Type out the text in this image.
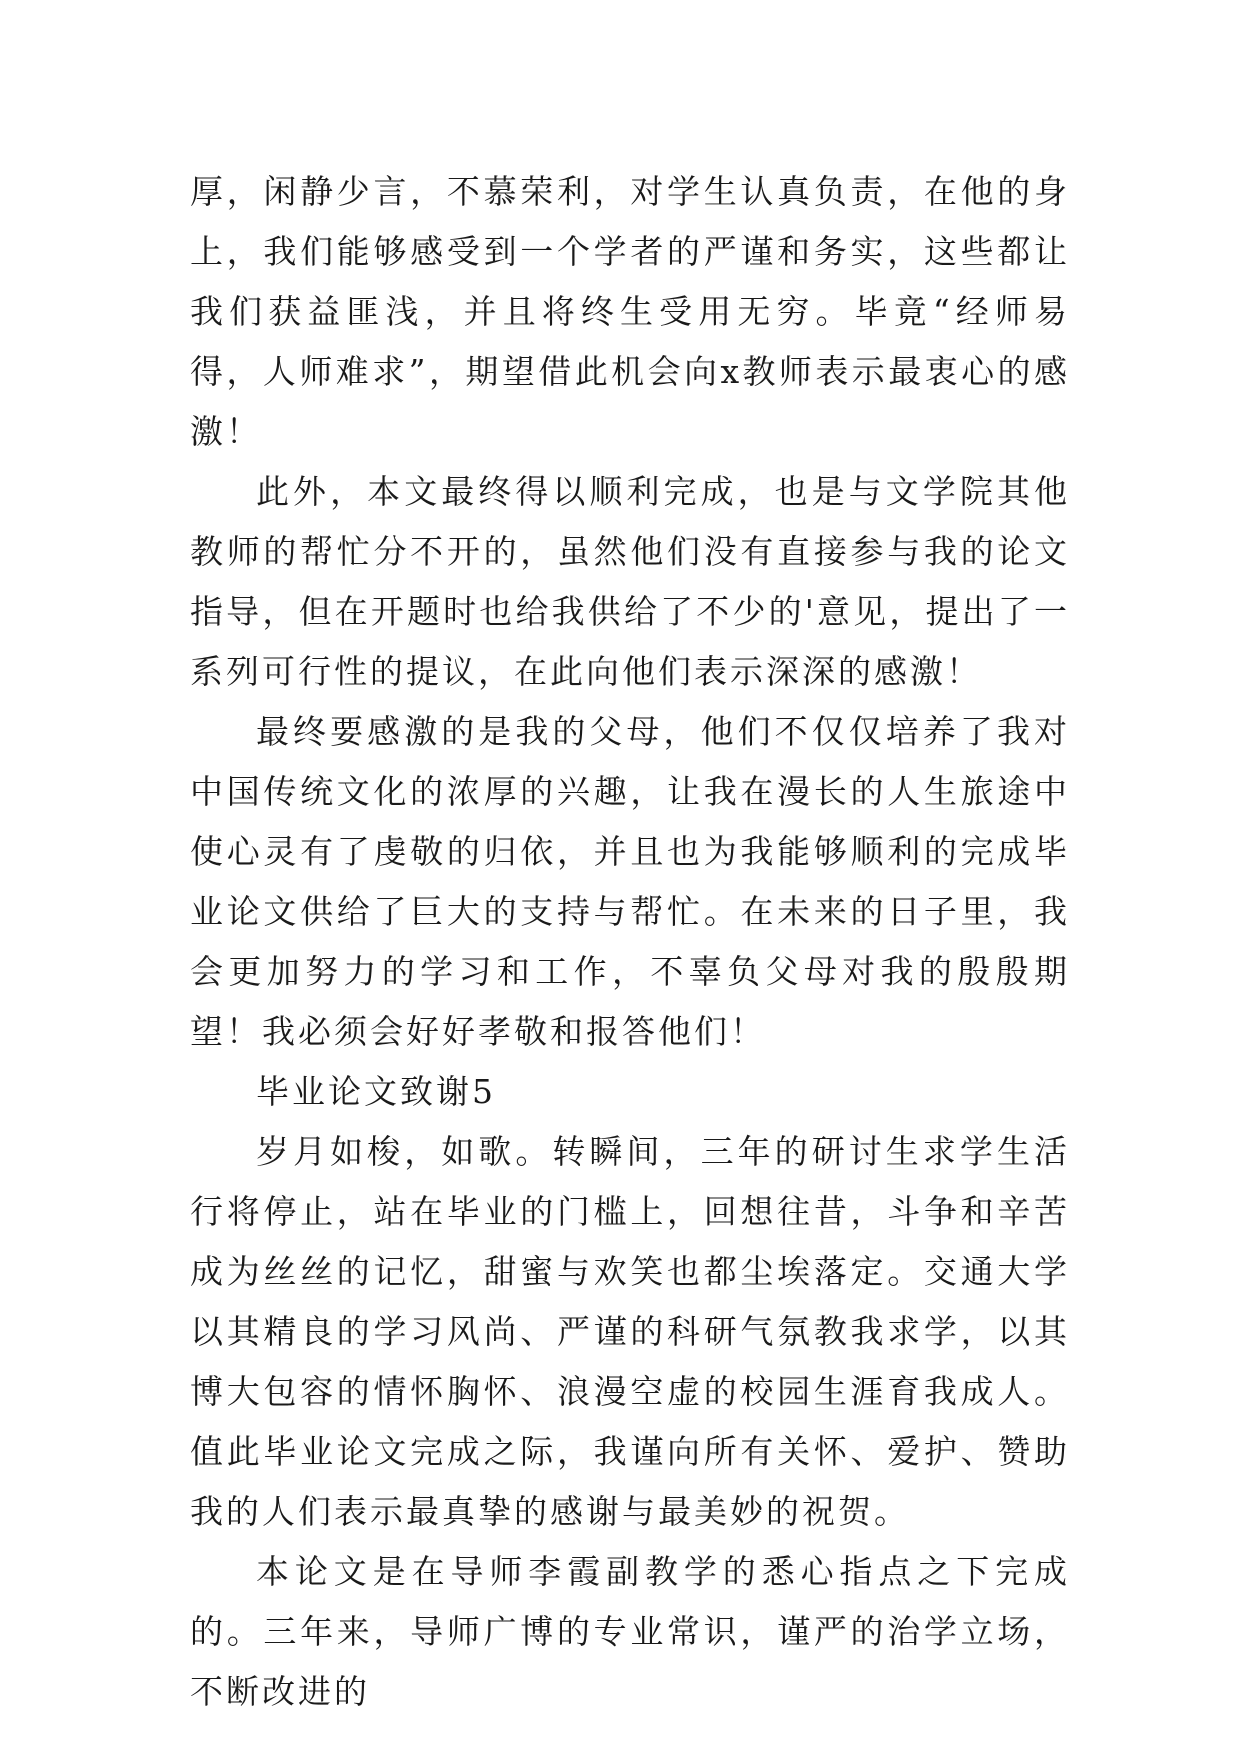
厚，闲静少言，不慕荣利，对学生认真负责，在他的身上，我们能够感受到一个学者的严谨和务实，这些都让我们获益匪浅，并且将终生受用无穷。毕竟“经师易得，人师难求”，期望借此机会向x教师表示最衷心的感激！

此外，本文最终得以顺利完成，也是与文学院其他教师的帮忙分不开的，虽然他们没有直接参与我的论文指导，但在开题时也给我供给了不少的'意见，提出了一系列可行性的提议，在此向他们表示深深的感激！

最终要感激的是我的父母，他们不仅仅培养了我对中国传统文化的浓厚的兴趣，让我在漫长的人生旅途中使心灵有了虔敬的归依，并且也为我能够顺利的完成毕业论文供给了巨大的支持与帮忙。在未来的日子里，我会更加努力的学习和工作，不辜负父母对我的殷殷期望！我必须会好好孝敬和报答他们！

毕业论文致谢5

岁月如梭，如歌。转瞬间，三年的研讨生求学生活行将停止，站在毕业的门槛上，回想往昔，斗争和辛苦成为丝丝的记忆，甜蜜与欢笑也都尘埃落定。交通大学以其精良的学习风尚、严谨的科研气氛教我求学，以其博大包容的情怀胸怀、浪漫空虚的校园生涯育我成人。值此毕业论文完成之际，我谨向所有关怀、爱护、赞助我的人们表示最真挚的感谢与最美妙的祝贺。

本论文是在导师李霞副教学的悉心指点之下完成的。三年来，导师广博的专业常识，谨严的治学立场，不断改进的
